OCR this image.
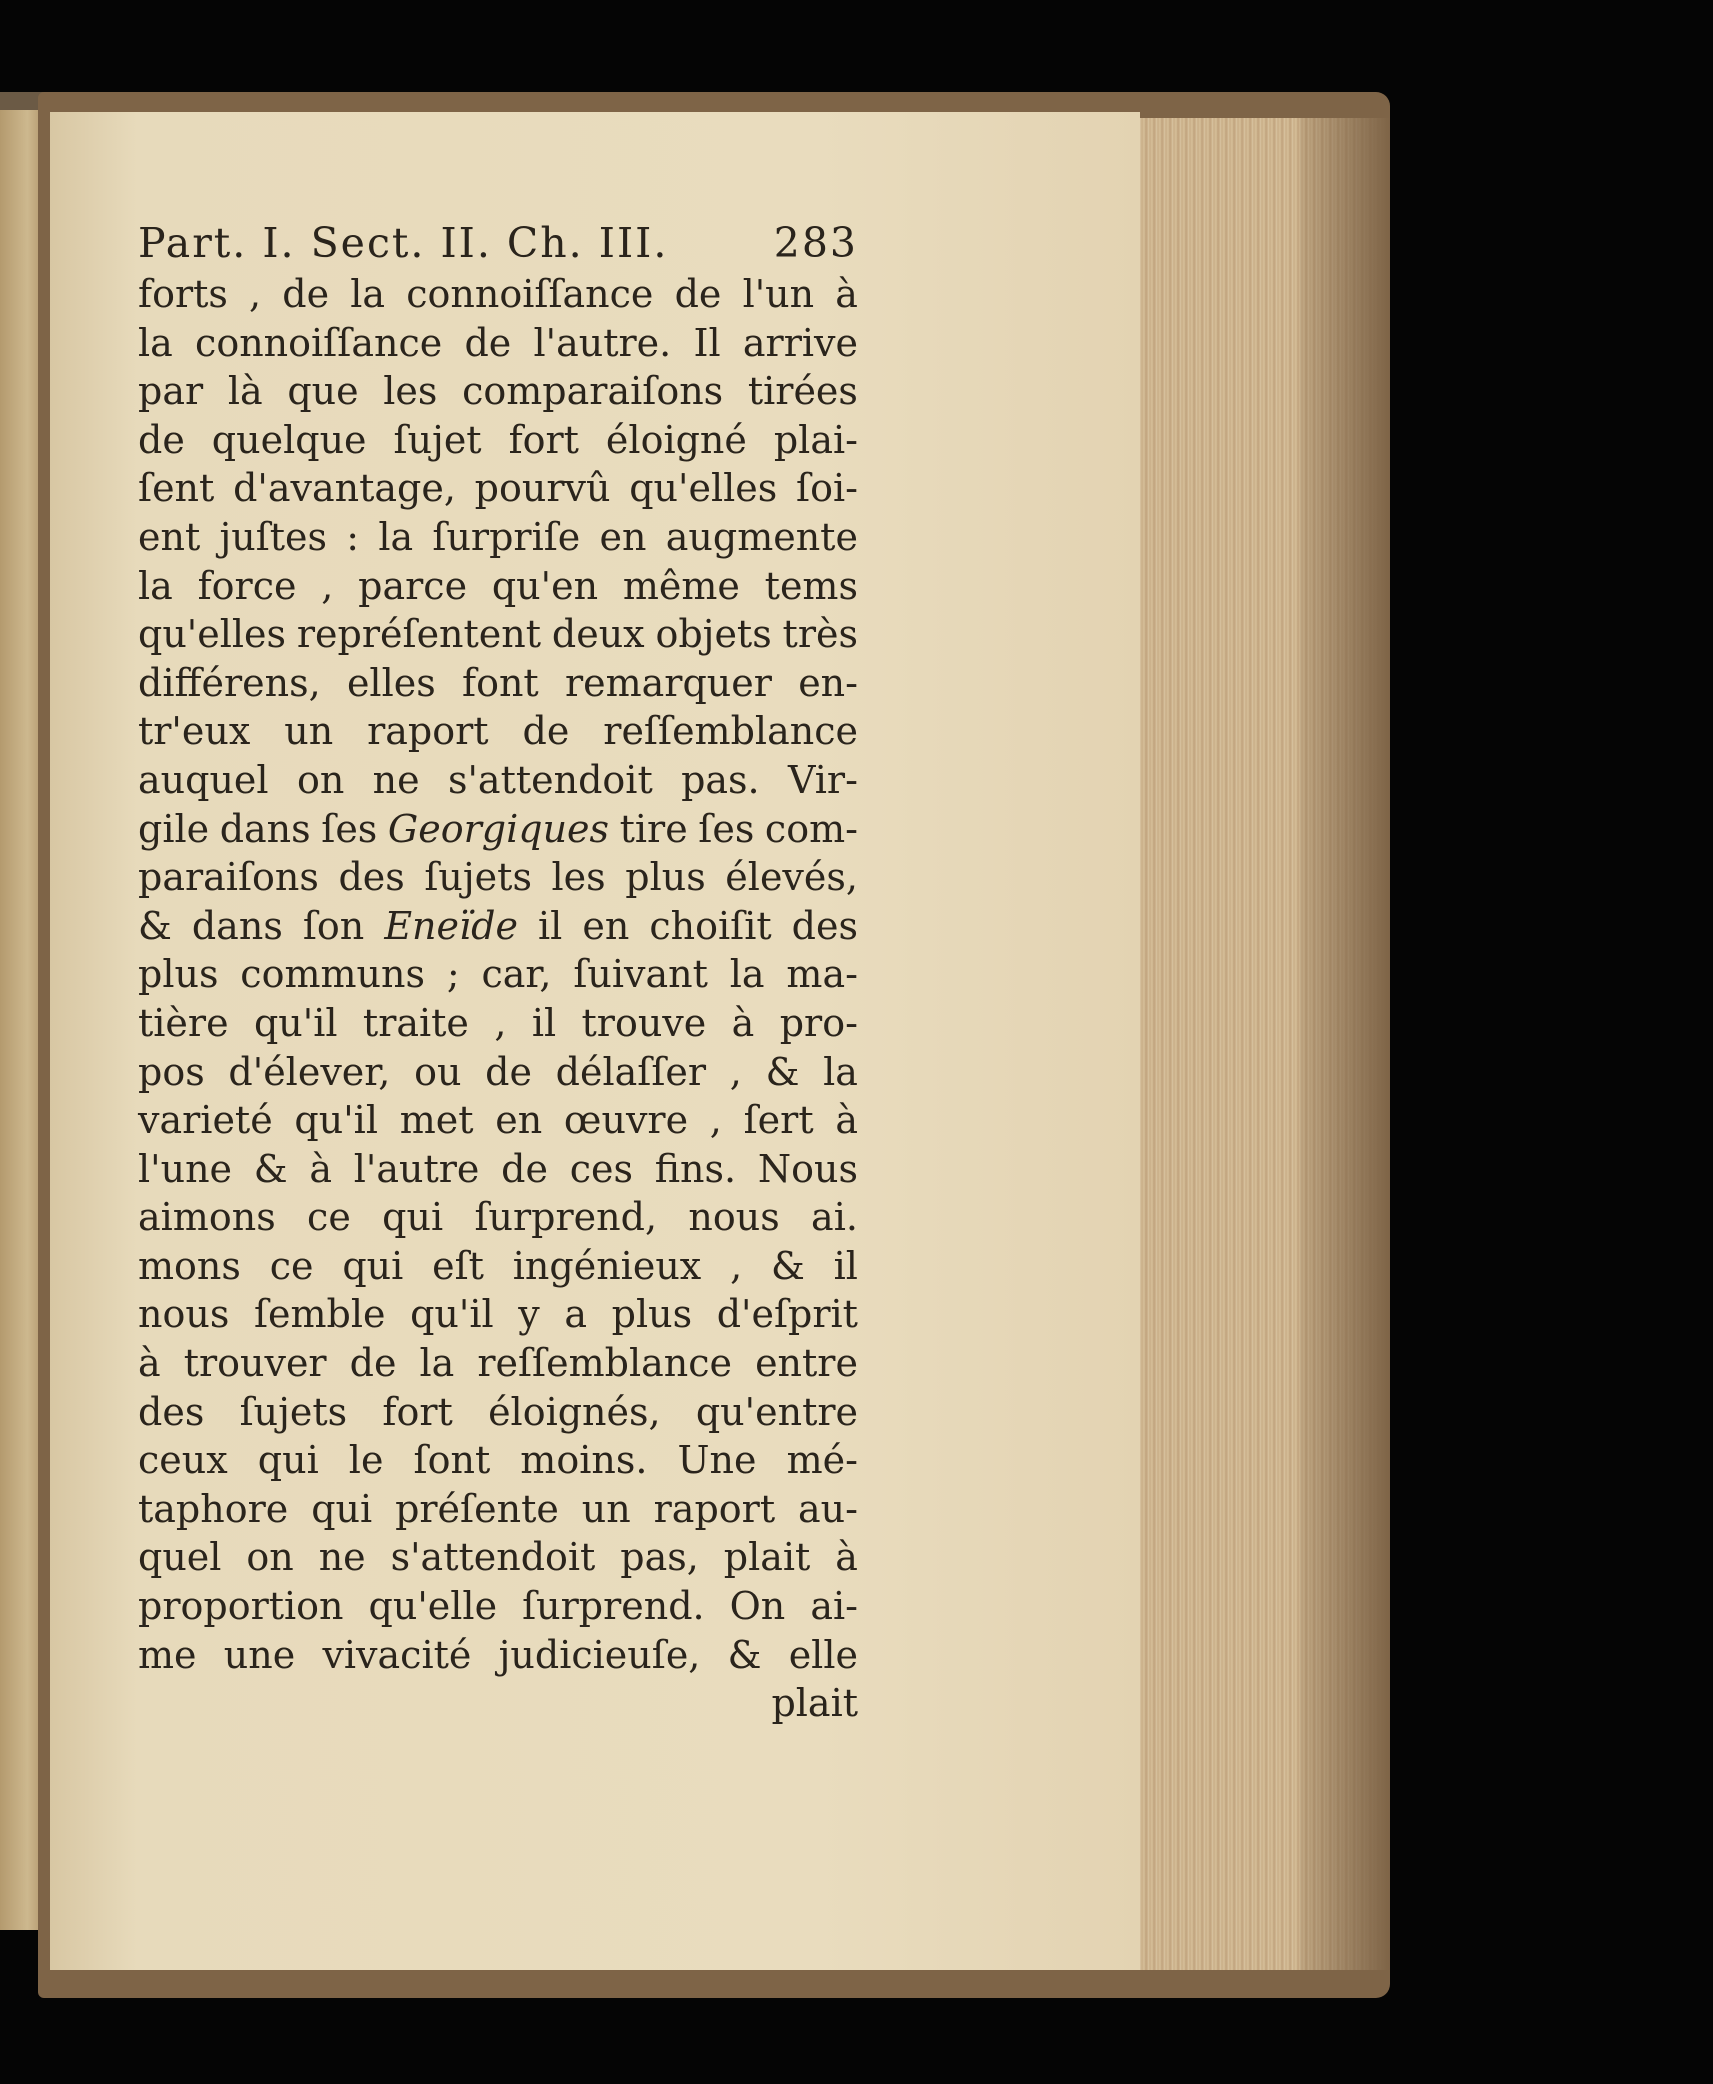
Part. I. Sect. II. Ch. III.	283
forts , de la connoiſſance de l'un à
la connoiſſance de l'autre. Il arrive
par là que les comparaiſons tirées
de quelque ſujet fort éloigné plai-
ſent d'avantage, pourvû qu'elles ſoi-
ent juſtes : la ſurpriſe en augmente
la force , parce qu'en même tems
qu'elles repréſentent deux objets très
différens, elles font remarquer en-
tr'eux un raport de reſſemblance
auquel on ne s'attendoit pas. Vir-
gile dans ſes Georgiques tire ſes com-
paraiſons des ſujets les plus élevés,
& dans ſon Eneïde il en choiſit des
plus communs ; car, ſuivant la ma-
tière qu'il traite , il trouve à pro-
pos d'élever, ou de délaſſer , & la
varieté qu'il met en œuvre , ſert à
l'une & à l'autre de ces fins. Nous
aimons ce qui ſurprend, nous ai.
mons ce qui eſt ingénieux , & il
nous ſemble qu'il y a plus d'eſprit
à trouver de la reſſemblance entre
des ſujets fort éloignés, qu'entre
ceux qui le ſont moins. Une mé-
taphore qui préſente un raport au-
quel on ne s'attendoit pas, plait à
proportion qu'elle ſurprend. On ai-
me une vivacité judicieuſe, & elle
plait
